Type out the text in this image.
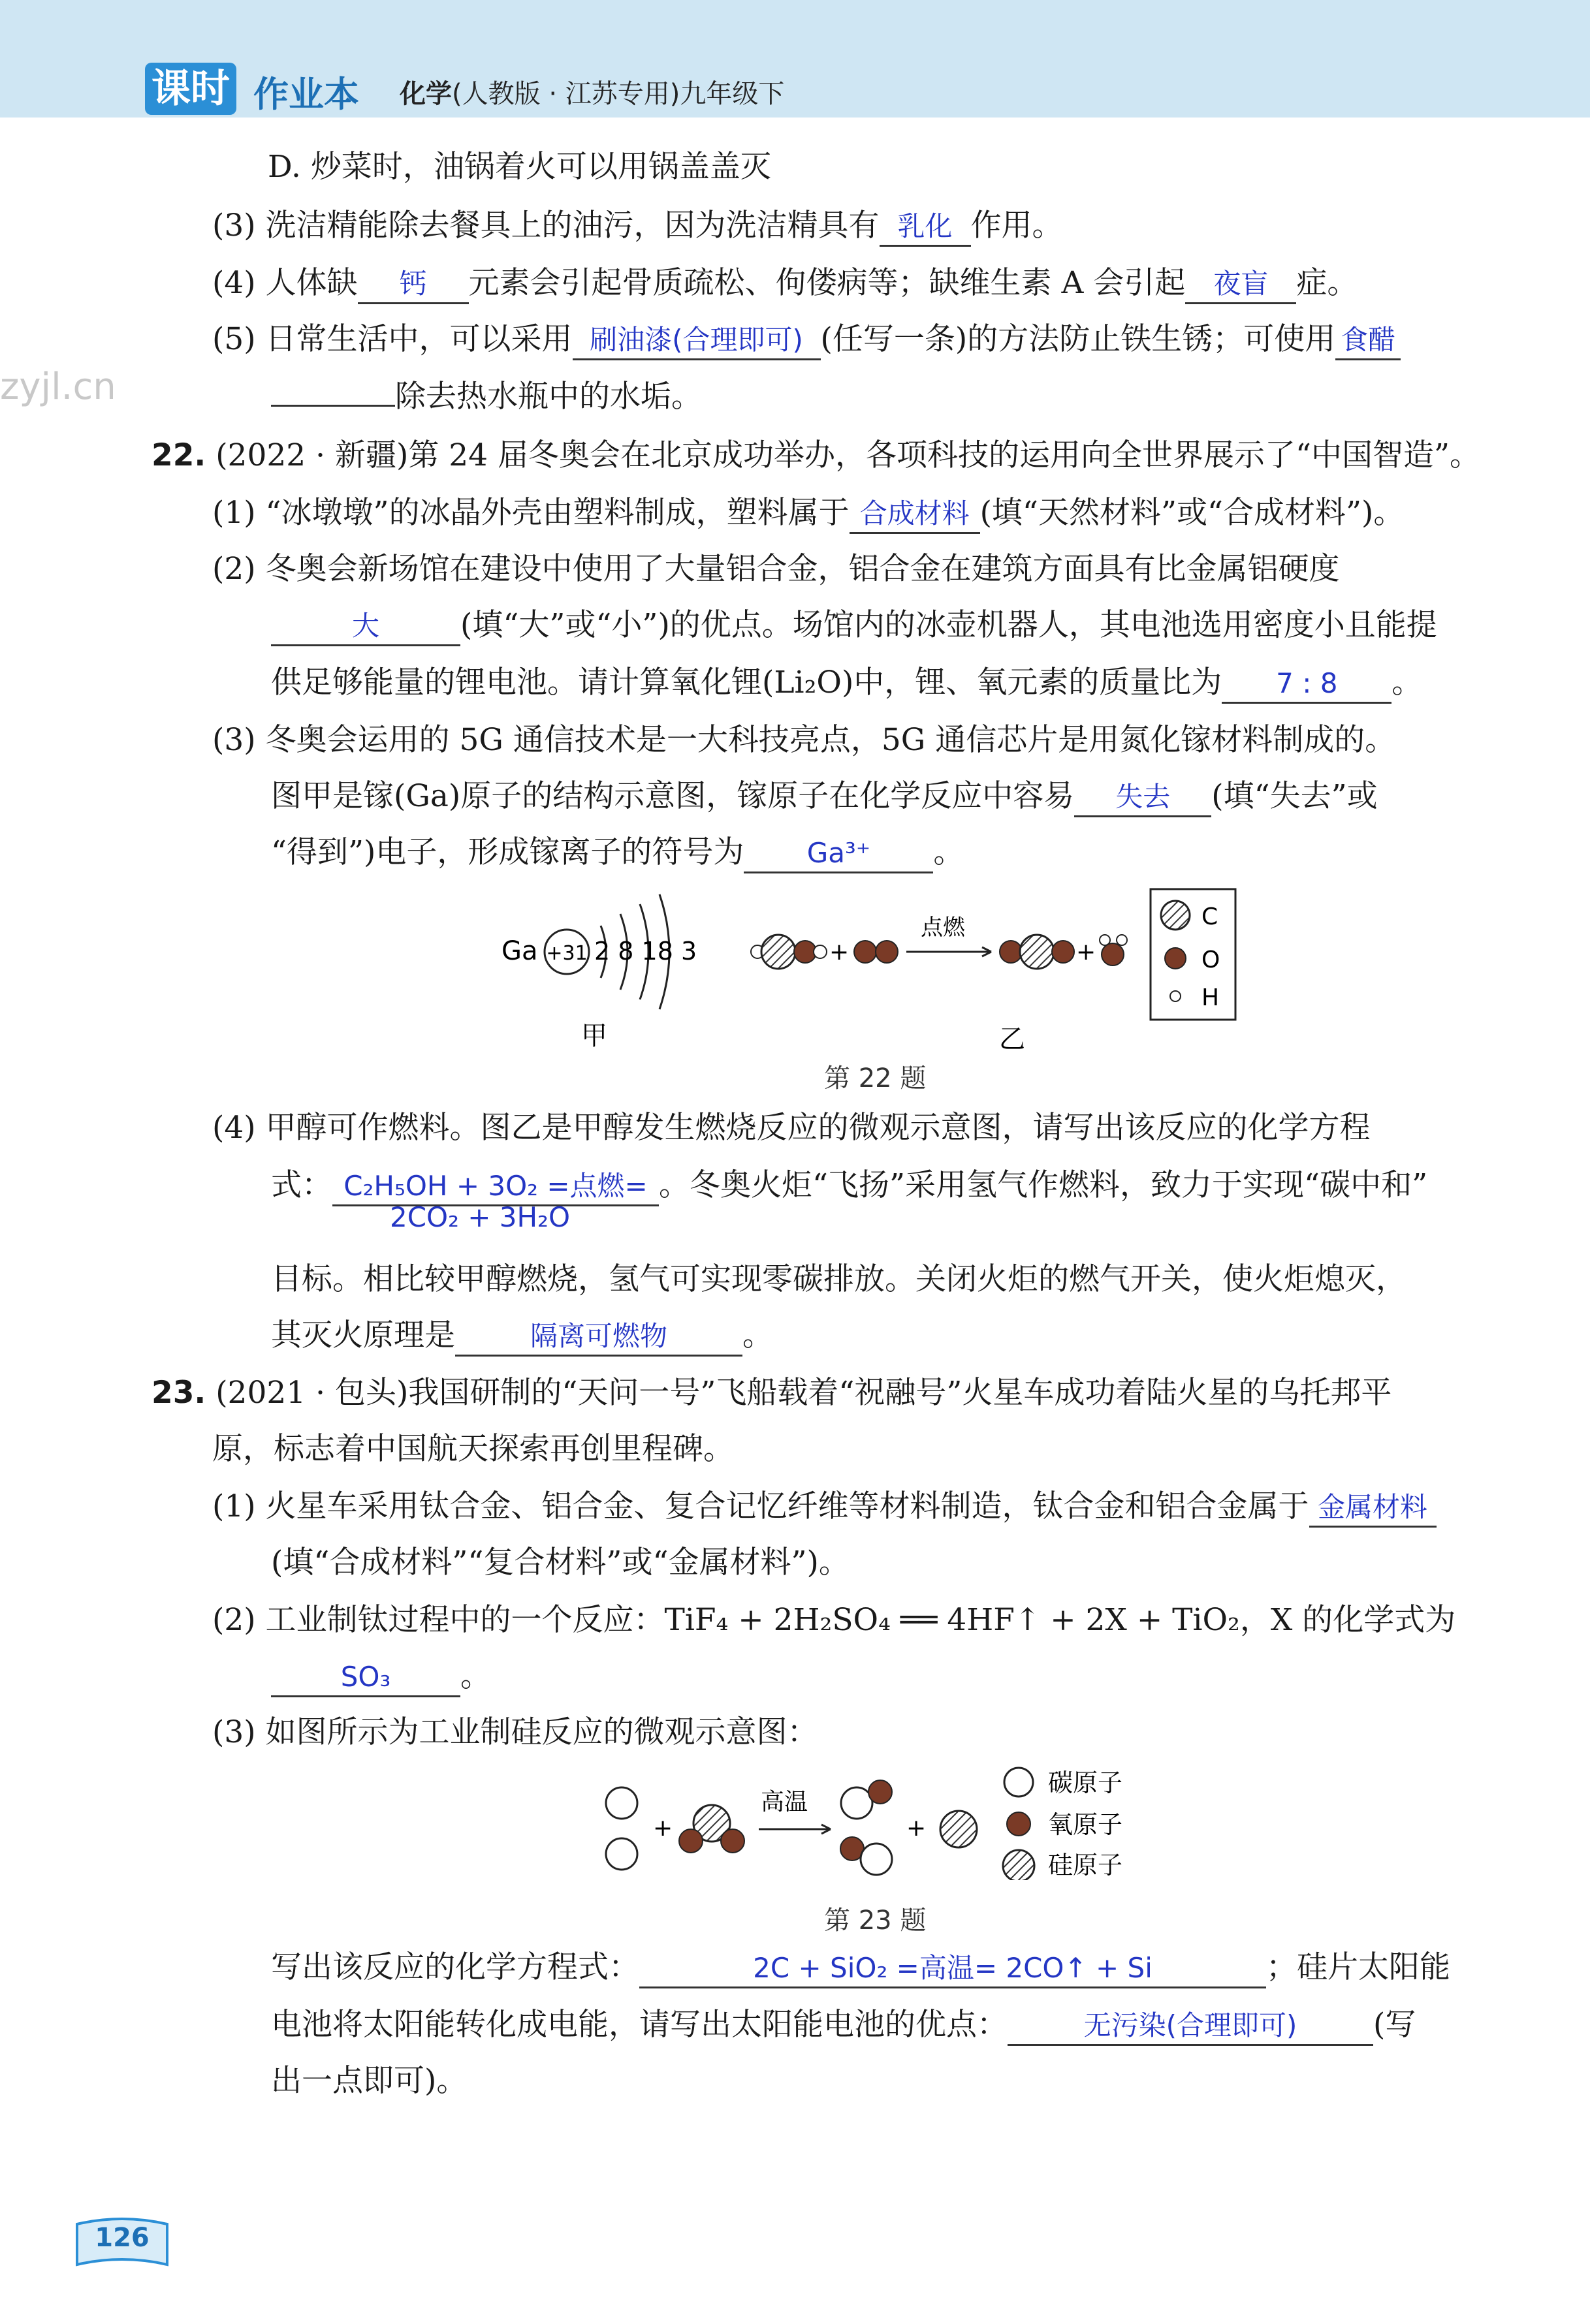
课时 作业本 化学(人教版 · 江苏专用)九年级下
zyjl.cn
D. 炒菜时，油锅着火可以用锅盖盖灭
(3) 洗洁精能除去餐具上的油污，因为洗洁精具有 乳化 作用。
(4) 人体缺 钙 元素会引起骨质疏松、佝偻病等；缺维生素 A 会引起 夜盲 症。
(5) 日常生活中，可以采用 刷油漆(合理即可) (任写一条)的方法防止铁生锈；可使用 食醋
除去热水瓶中的水垢。
22. (2022 · 新疆)第 24 届冬奥会在北京成功举办，各项科技的运用向全世界展示了“中国智造”。
(1) “冰墩墩”的冰晶外壳由塑料制成，塑料属于 合成材料 (填“天然材料”或“合成材料”)。
(2) 冬奥会新场馆在建设中使用了大量铝合金，铝合金在建筑方面具有比金属铝硬度
大	(填“大”或“小”)的优点。场馆内的冰壶机器人，其电池选用密度小且能提
供足够能量的锂电池。请计算氧化锂(Li₂O)中，锂、氧元素的质量比为 7 : 8 。
(3) 冬奥会运用的 5G 通信技术是一大科技亮点，5G 通信芯片是用氮化镓材料制成的。
图甲是镓(Ga)原子的结构示意图，镓原子在化学反应中容易 失去 (填“失去”或
“得到”)电子，形成镓离子的符号为 Ga³⁺ 。
Ga +31 2 8 18 3
甲
+
点燃
+
乙
C
O
H
第 22 题
(4) 甲醇可作燃料。图乙是甲醇发生燃烧反应的微观示意图，请写出该反应的化学方程
式： C₂H₅OH + 3O₂ =点燃= 。冬奥火炬“飞扬”采用氢气作燃料，致力于实现“碳中和”
2CO₂ + 3H₂O
目标。相比较甲醇燃烧，氢气可实现零碳排放。关闭火炬的燃气开关，使火炬熄灭，
其灭火原理是	隔离可燃物 。
23. (2021 · 包头)我国研制的“天问一号”飞船载着“祝融号”火星车成功着陆火星的乌托邦平
原，标志着中国航天探索再创里程碑。
(1) 火星车采用钛合金、铝合金、复合记忆纤维等材料制造，钛合金和铝合金属于 金属材料
(填“合成材料”“复合材料”或“金属材料”)。
(2) 工业制钛过程中的一个反应：TiF₄ + 2H₂SO₄ ══ 4HF↑ + 2X + TiO₂，X 的化学式为
SO₃ 。
(3) 如图所示为工业制硅反应的微观示意图：
+
高温
+
碳原子
氧原子
硅原子
第 23 题
写出该反应的化学方程式：	2C + SiO₂ =高温= 2CO↑ + Si	；硅片太阳能
电池将太阳能转化成电能，请写出太阳能电池的优点：	无污染(合理即可) (写
出一点即可)。
126
